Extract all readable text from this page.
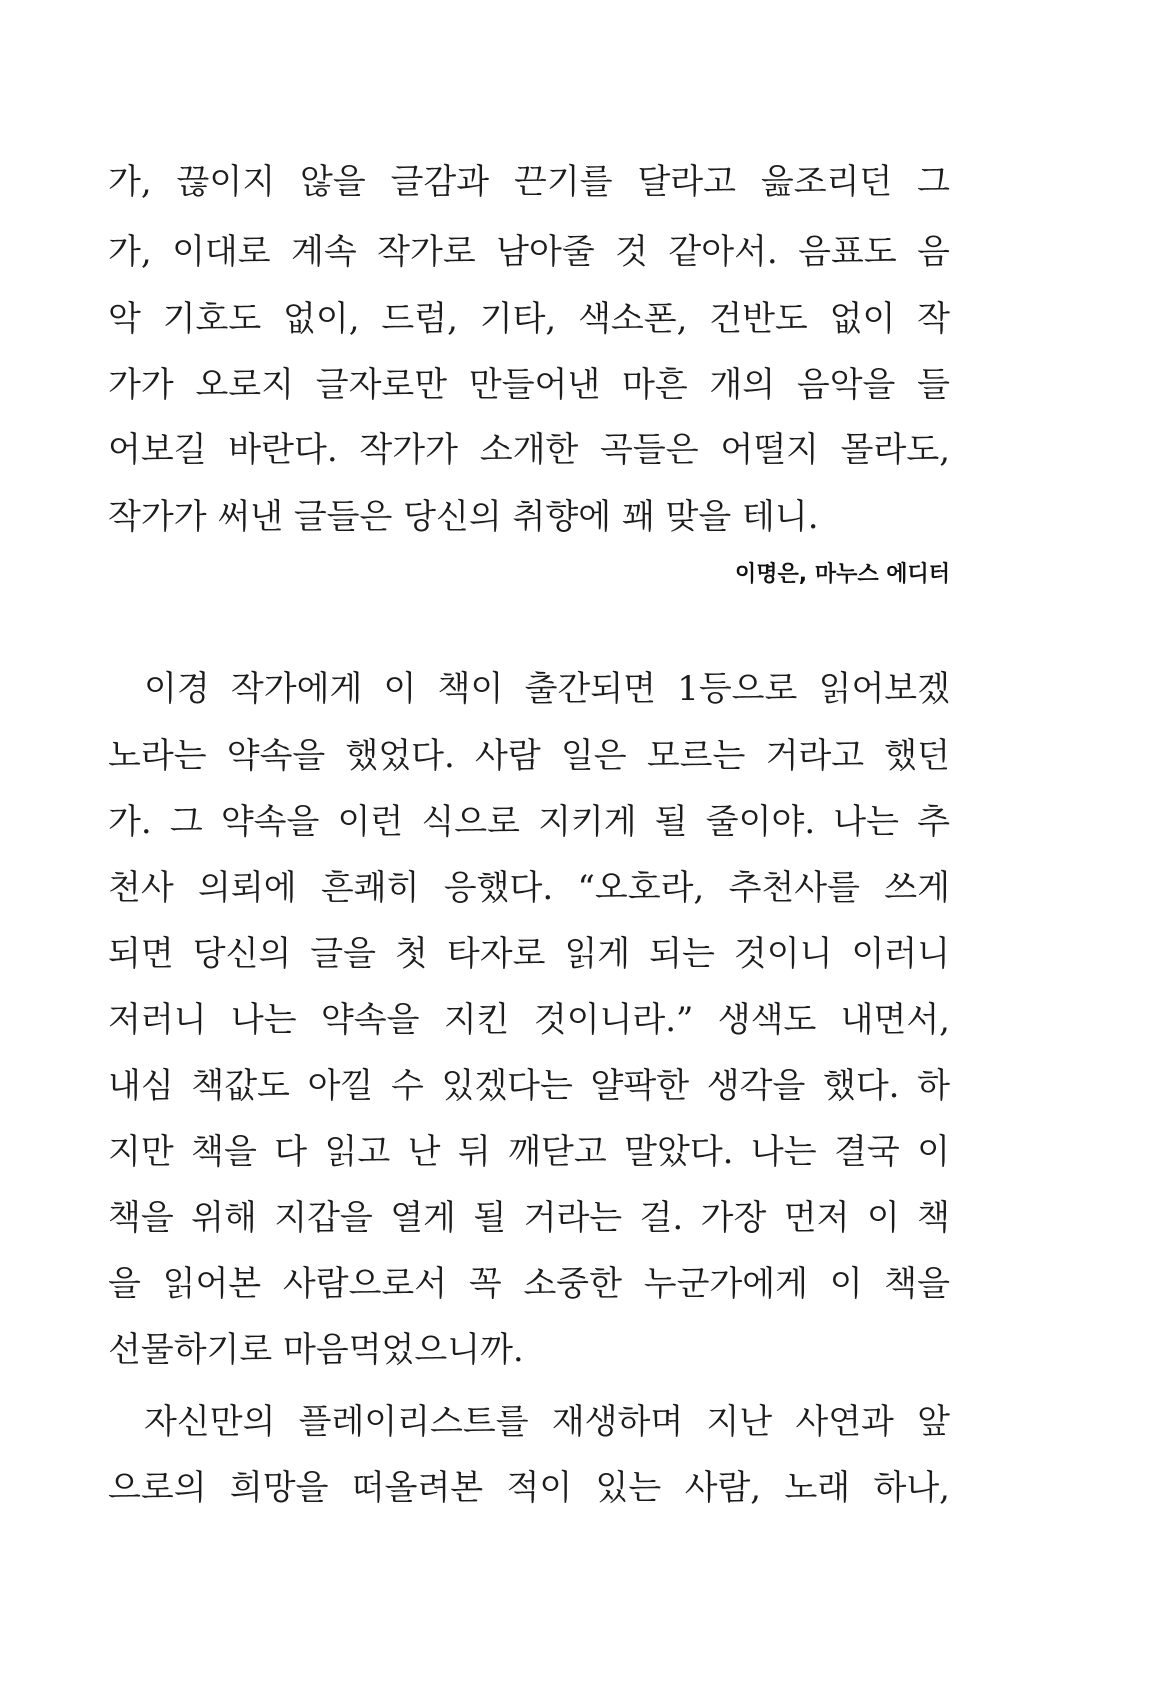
가, 끊이지 않을 글감과 끈기를 달라고 읊조리던 그
가, 이대로 계속 작가로 남아줄 것 같아서. 음표도 음
악 기호도 없이, 드럼, 기타, 색소폰, 건반도 없이 작
가가 오로지 글자로만 만들어낸 마흔 개의 음악을 들
어보길 바란다. 작가가 소개한 곡들은 어떨지 몰라도,
작가가 써낸 글들은 당신의 취향에 꽤 맞을 테니.
이명은, 마누스 에디터
이경 작가에게 이 책이 출간되면 1등으로 읽어보겠
노라는 약속을 했었다. 사람 일은 모르는 거라고 했던
가. 그 약속을 이런 식으로 지키게 될 줄이야. 나는 추
천사 의뢰에 흔쾌히 응했다. “오호라, 추천사를 쓰게
되면 당신의 글을 첫 타자로 읽게 되는 것이니 이러니
저러니 나는 약속을 지킨 것이니라.” 생색도 내면서,
내심 책값도 아낄 수 있겠다는 얄팍한 생각을 했다. 하
지만 책을 다 읽고 난 뒤 깨닫고 말았다. 나는 결국 이
책을 위해 지갑을 열게 될 거라는 걸. 가장 먼저 이 책
을 읽어본 사람으로서 꼭 소중한 누군가에게 이 책을
선물하기로 마음먹었으니까.
자신만의 플레이리스트를 재생하며 지난 사연과 앞
으로의 희망을 떠올려본 적이 있는 사람, 노래 하나,
